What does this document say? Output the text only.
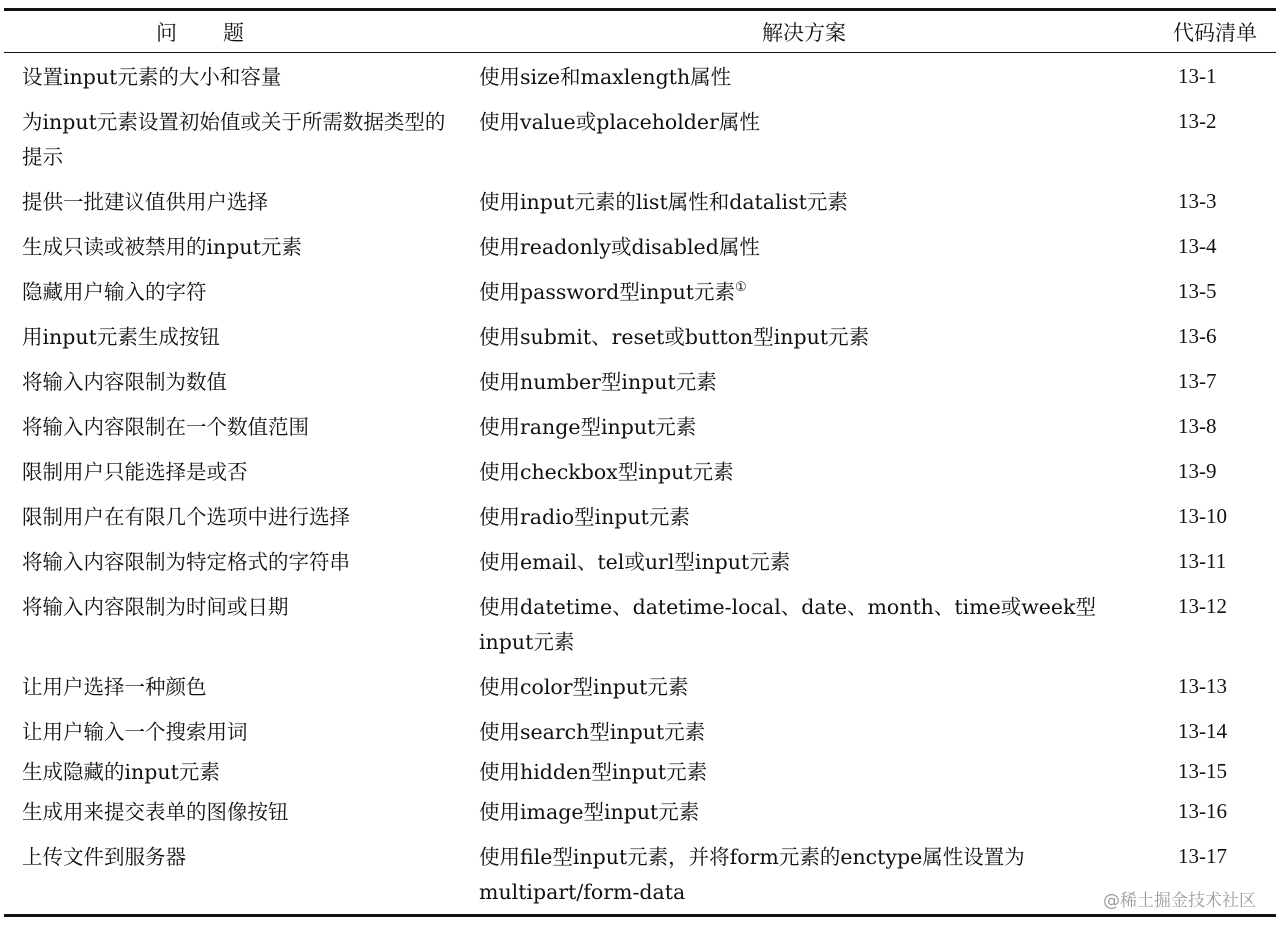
问题	解决方案	代码清单
设置input元素的大小和容量	使用size和maxlength属性	13-1
为input元素设置初始值或关于所需数据类型的提示	使用value或placeholder属性	13-2
提供一批建议值供用户选择	使用input元素的list属性和datalist元素	13-3
生成只读或被禁用的input元素	使用readonly或disabled属性	13-4
隐藏用户输入的字符	使用password型input元素①	13-5
用input元素生成按钮	使用submit、reset或button型input元素	13-6
将输入内容限制为数值	使用number型input元素	13-7
将输入内容限制在一个数值范围	使用range型input元素	13-8
限制用户只能选择是或否	使用checkbox型input元素	13-9
限制用户在有限几个选项中进行选择	使用radio型input元素	13-10
将输入内容限制为特定格式的字符串	使用email、tel或url型input元素	13-11
将输入内容限制为时间或日期	使用datetime、datetime-local、date、month、time或week型input元素	13-12
让用户选择一种颜色	使用color型input元素	13-13
让用户输入一个搜索用词	使用search型input元素	13-14
生成隐藏的input元素	使用hidden型input元素	13-15
生成用来提交表单的图像按钮	使用image型input元素	13-16
上传文件到服务器	使用file型input元素，并将form元素的enctype属性设置为multipart/form-data	13-17
@稀土掘金技术社区
